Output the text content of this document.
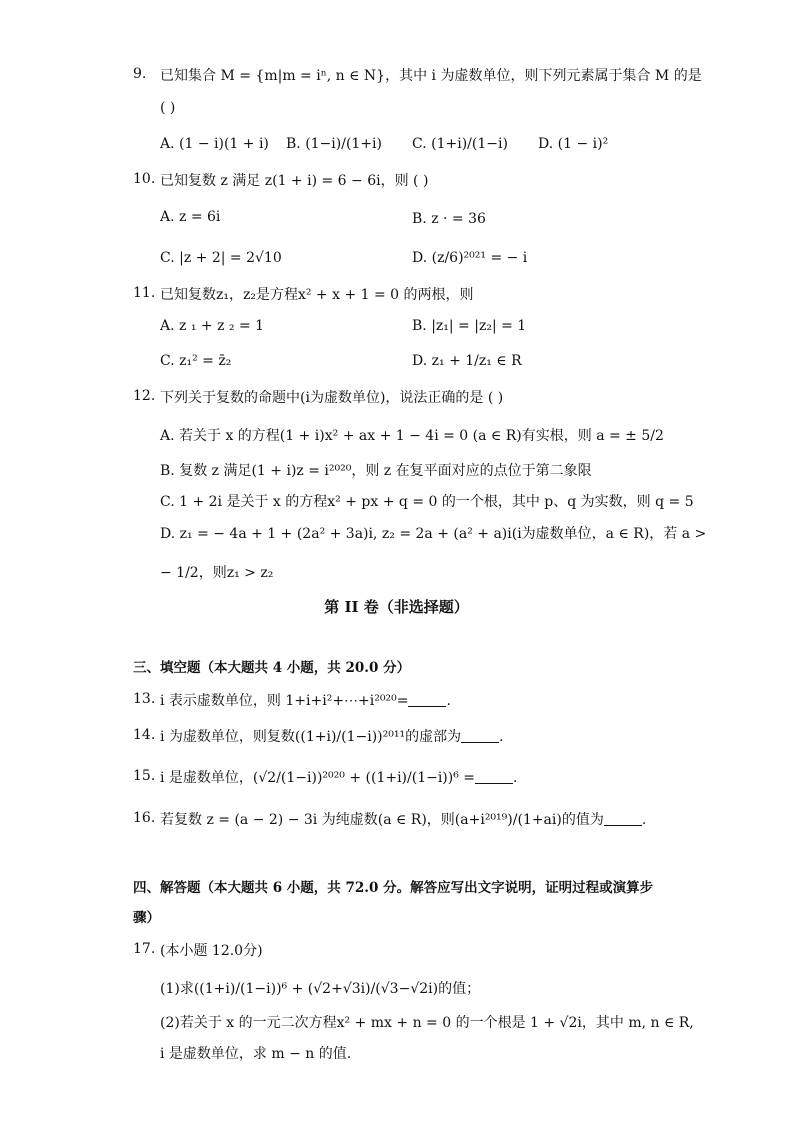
9. 已知集合 M = {m|m = iⁿ, n ∈ N}，其中 i 为虚数单位，则下列元素属于集合 M 的是
( )
A. (1 − i)(1 + i) B. (1−i)/(1+i) C. (1+i)/(1−i) D. (1 − i)²
10. 已知复数 z 满足 z(1 + i) = 6 − 6i，则 ( )
A. z = 6i	B. z · = 36
C. |z + 2| = 2√10	D. (z/6)²⁰²¹ = − i
11. 已知复数z₁，z₂是方程x² + x + 1 = 0 的两根，则
A. z ₁ + z ₂ = 1	B. |z₁| = |z₂| = 1
C. z₁² = z̄₂	D. z₁ + 1/z₁ ∈ R
12. 下列关于复数的命题中(i为虚数单位)，说法正确的是 ( )
A. 若关于 x 的方程(1 + i)x² + ax + 1 − 4i = 0 (a ∈ R)有实根，则 a = ± 5/2
B. 复数 z 满足(1 + i)z = i²⁰²⁰，则 z 在复平面对应的点位于第二象限
C. 1 + 2i 是关于 x 的方程x² + px + q = 0 的一个根，其中 p、q 为实数，则 q = 5
D. z₁ = − 4a + 1 + (2a² + 3a)i, z₂ = 2a + (a² + a)i(i为虚数单位，a ∈ R)，若 a >
− 1/2，则z₁ > z₂
第 II 卷（非选择题）
三、填空题（本大题共 4 小题，共 20.0 分）
13. i 表示虚数单位，则 1+i+i²+⋯+i²⁰²⁰=	.
14. i 为虚数单位，则复数((1+i)/(1−i))²⁰¹¹的虚部为	.
15. i 是虚数单位，(√2/(1−i))²⁰²⁰ + ((1+i)/(1−i))⁶ =	.
16. 若复数 z = (a − 2) − 3i 为纯虚数(a ∈ R)，则(a+i²⁰¹⁹)/(1+ai)的值为	.
四、解答题（本大题共 6 小题，共 72.0 分。解答应写出文字说明，证明过程或演算步
骤）
17. (本小题 12.0分)
(1)求((1+i)/(1−i))⁶ + (√2+√3i)/(√3−√2i)的值；
(2)若关于 x 的一元二次方程x² + mx + n = 0 的一个根是 1 + √2i，其中 m, n ∈ R,
i 是虚数单位，求 m − n 的值.
